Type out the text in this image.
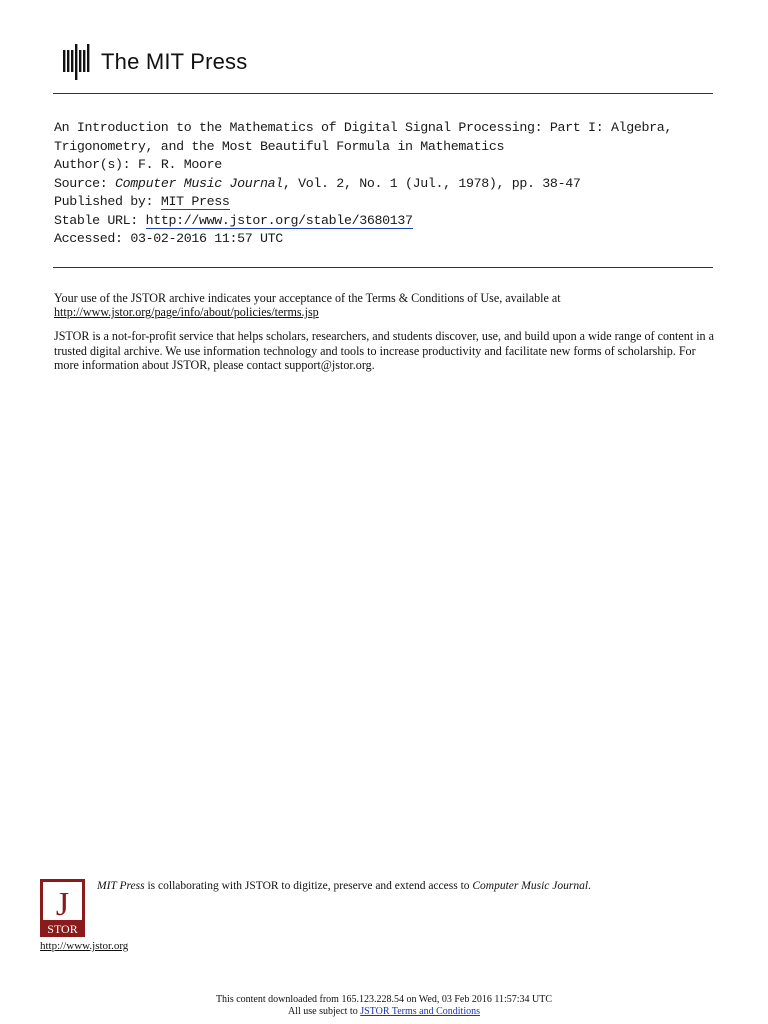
The MIT Press
An Introduction to the Mathematics of Digital Signal Processing: Part I: Algebra, Trigonometry, and the Most Beautiful Formula in Mathematics
Author(s): F. R. Moore
Source: Computer Music Journal, Vol. 2, No. 1 (Jul., 1978), pp. 38-47
Published by: MIT Press
Stable URL: http://www.jstor.org/stable/3680137
Accessed: 03-02-2016 11:57 UTC

Your use of the JSTOR archive indicates your acceptance of the Terms & Conditions of Use, available at http://www.jstor.org/page/info/about/policies/terms.jsp

JSTOR is a not-for-profit service that helps scholars, researchers, and students discover, use, and build upon a wide range of content in a trusted digital archive. We use information technology and tools to increase productivity and facilitate new forms of scholarship. For more information about JSTOR, please contact support@jstor.org.

J
STOR
http://www.jstor.org
MIT Press is collaborating with JSTOR to digitize, preserve and extend access to Computer Music Journal.
This content downloaded from 165.123.228.54 on Wed, 03 Feb 2016 11:57:34 UTC
All use subject to JSTOR Terms and Conditions
